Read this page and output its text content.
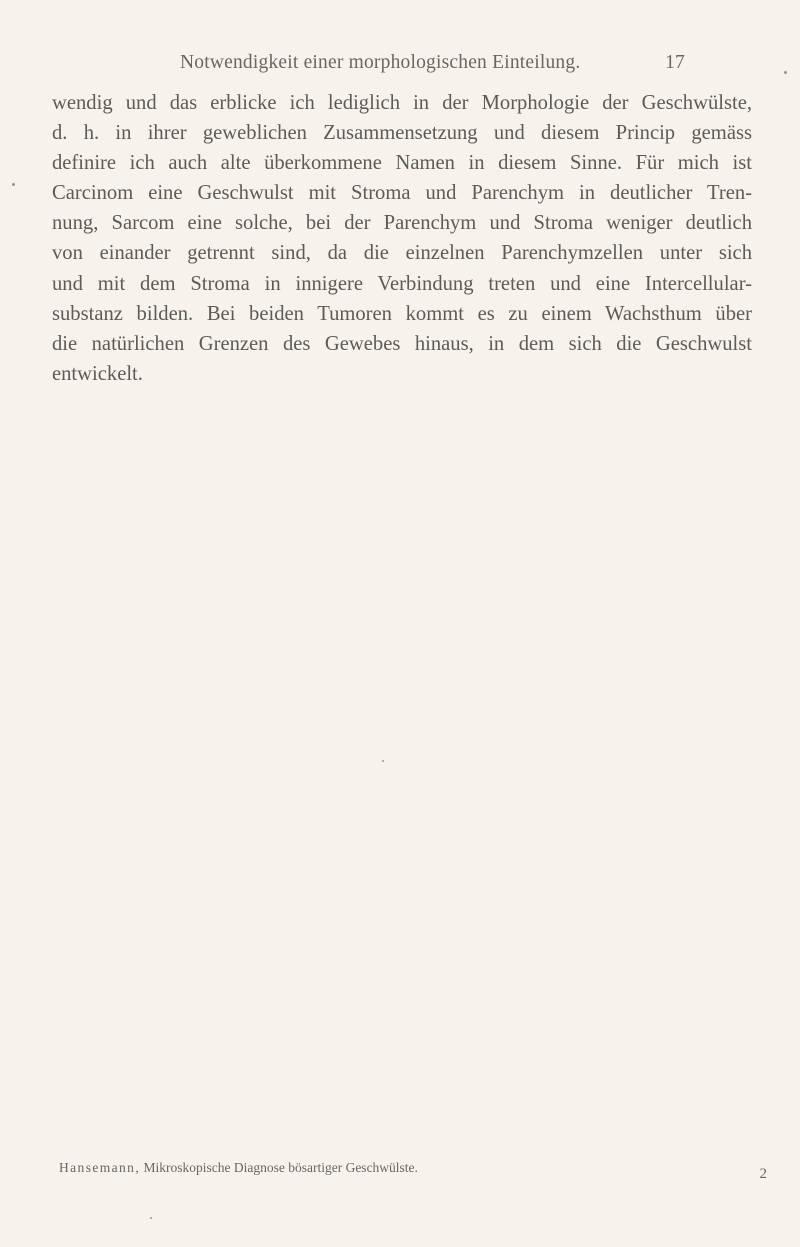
Notwendigkeit einer morphologischen Einteilung.	17
wendig und das erblicke ich lediglich in der Morphologie der Geschwülste,
d. h. in ihrer geweblichen Zusammensetzung und diesem Princip gemäss
definire ich auch alte überkommene Namen in diesem Sinne. Für mich ist
Carcinom eine Geschwulst mit Stroma und Parenchym in deutlicher Tren-
nung, Sarcom eine solche, bei der Parenchym und Stroma weniger deutlich
von einander getrennt sind, da die einzelnen Parenchymzellen unter sich
und mit dem Stroma in innigere Verbindung treten und eine Intercellular-
substanz bilden. Bei beiden Tumoren kommt es zu einem Wachsthum über
die natürlichen Grenzen des Gewebes hinaus, in dem sich die Geschwulst
entwickelt.
Hansemann, Mikroskopische Diagnose bösartiger Geschwülste.	2
